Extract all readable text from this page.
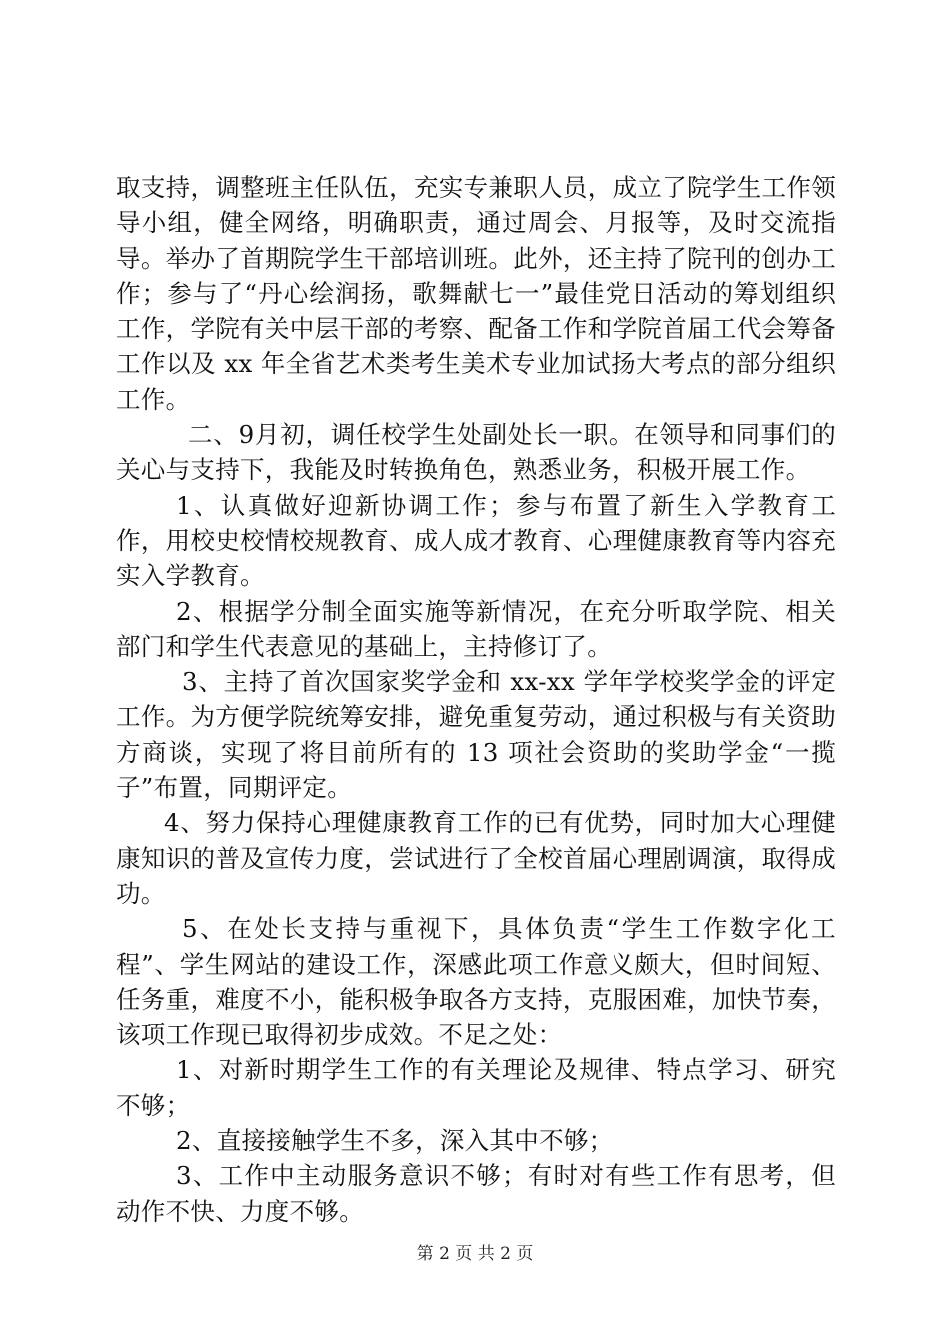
取支持，调整班主任队伍，充实专兼职人员，成立了院学生工作领导小组，健全网络，明确职责，通过周会、月报等，及时交流指导。举办了首期院学生干部培训班。此外，还主持了院刊的创办工作；参与了“丹心绘润扬，歌舞献七一”最佳党日活动的筹划组织工作，学院有关中层干部的考察、配备工作和学院首届工代会筹备工作以及 xx 年全省艺术类考生美术专业加试扬大考点的部分组织工作。

二、9月初，调任校学生处副处长一职。在领导和同事们的关心与支持下，我能及时转换角色，熟悉业务，积极开展工作。

1、认真做好迎新协调工作；参与布置了新生入学教育工作，用校史校情校规教育、成人成才教育、心理健康教育等内容充实入学教育。

2、根据学分制全面实施等新情况，在充分听取学院、相关部门和学生代表意见的基础上，主持修订了。

3、主持了首次国家奖学金和 xx-xx 学年学校奖学金的评定工作。为方便学院统筹安排，避免重复劳动，通过积极与有关资助方商谈，实现了将目前所有的 13 项社会资助的奖助学金“一揽子”布置，同期评定。

4、努力保持心理健康教育工作的已有优势，同时加大心理健康知识的普及宣传力度，尝试进行了全校首届心理剧调演，取得成功。

5、在处长支持与重视下，具体负责“学生工作数字化工程”、学生网站的建设工作，深感此项工作意义颇大，但时间短、任务重，难度不小，能积极争取各方支持，克服困难，加快节奏，该项工作现已取得初步成效。不足之处：

1、对新时期学生工作的有关理论及规律、特点学习、研究不够；

2、直接接触学生不多，深入其中不够；

3、工作中主动服务意识不够；有时对有些工作有思考，但动作不快、力度不够。

第 2 页 共 2 页
